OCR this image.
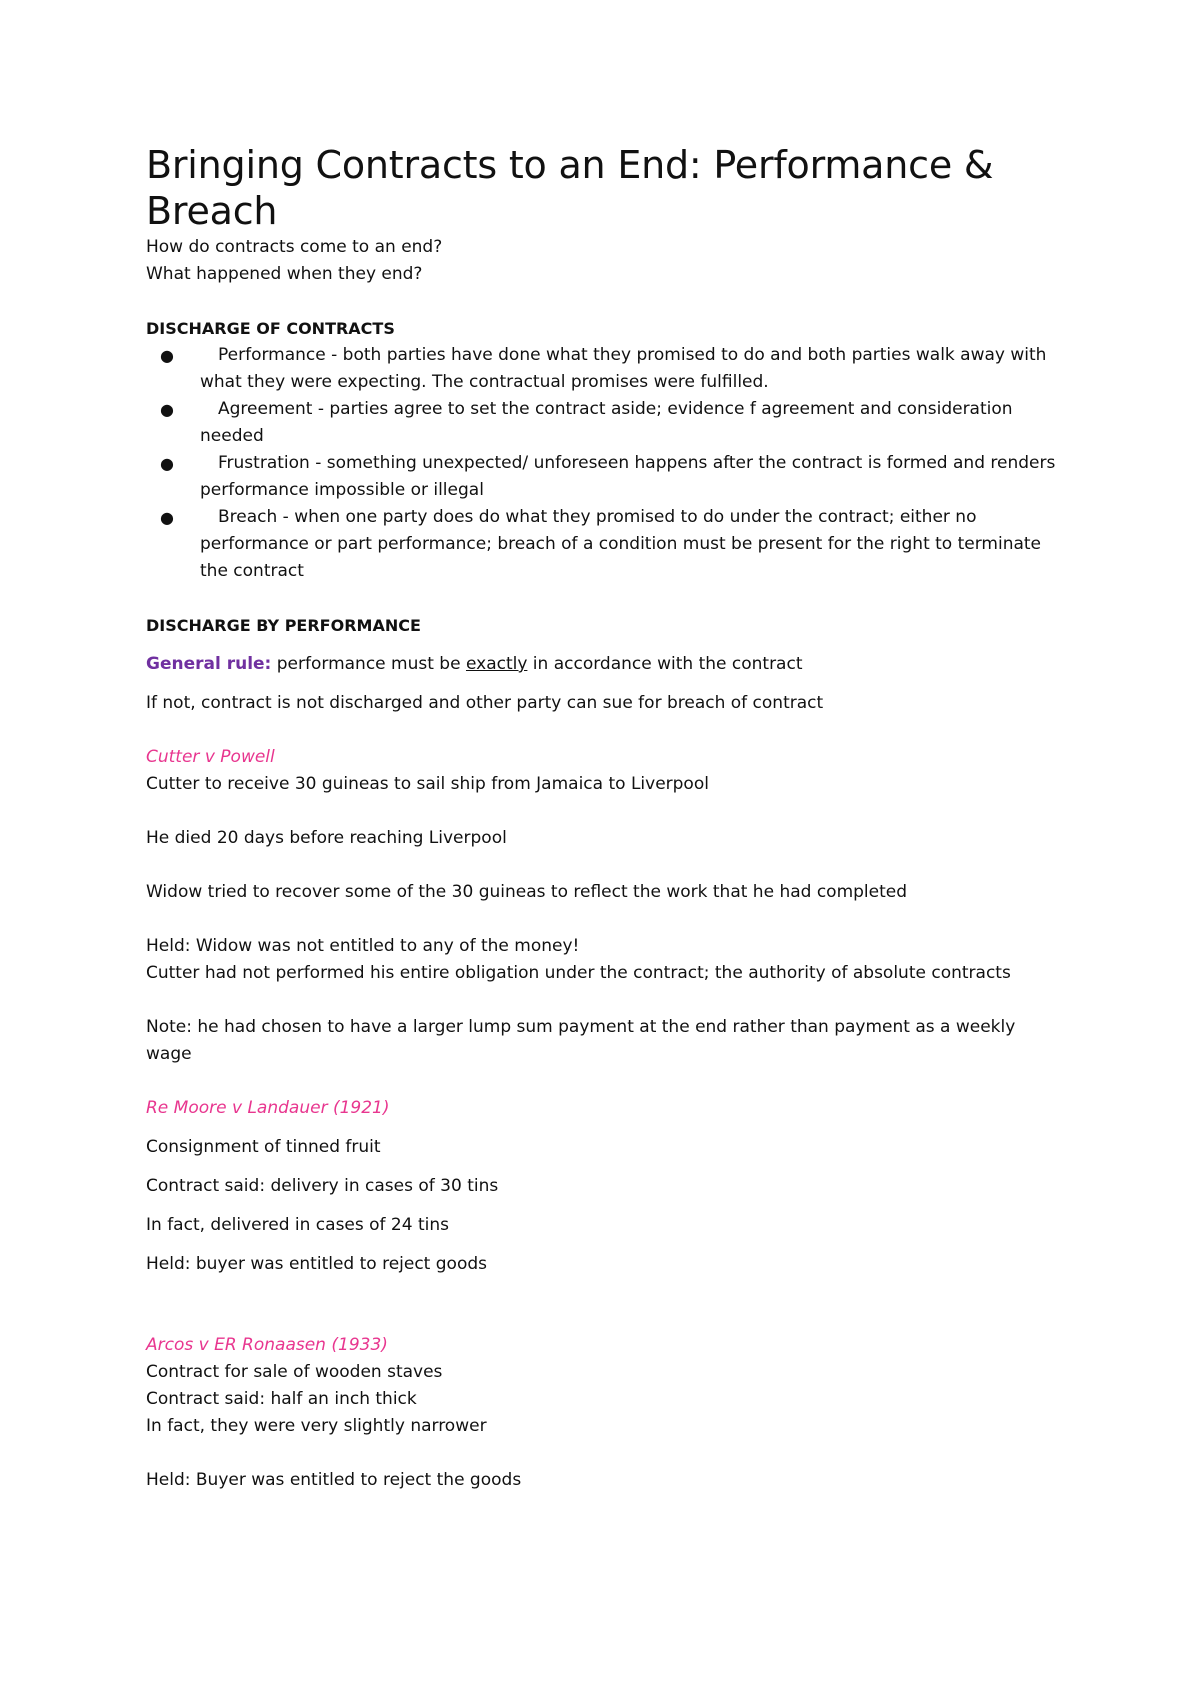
Bringing Contracts to an End: Performance & Breach

How do contracts come to an end?

What happened when they end?

DISCHARGE OF CONTRACTS

●	Performance - both parties have done what they promised to do and both parties walk away with what they were expecting. The contractual promises were fulfilled.
●	Agreement - parties agree to set the contract aside; evidence f agreement and consideration needed
●	Frustration - something unexpected/ unforeseen happens after the contract is formed and renders performance impossible or illegal
●	Breach - when one party does do what they promised to do under the contract; either no performance or part performance; breach of a condition must be present for the right to terminate the contract

DISCHARGE BY PERFORMANCE

General rule: performance must be exactly in accordance with the contract

If not, contract is not discharged and other party can sue for breach of contract

Cutter v Powell

Cutter to receive 30 guineas to sail ship from Jamaica to Liverpool

He died 20 days before reaching Liverpool

Widow tried to recover some of the 30 guineas to reflect the work that he had completed

Held: Widow was not entitled to any of the money!

Cutter had not performed his entire obligation under the contract; the authority of absolute contracts

Note: he had chosen to have a larger lump sum payment at the end rather than payment as a weekly wage

Re Moore v Landauer (1921)

Consignment of tinned fruit

Contract said: delivery in cases of 30 tins

In fact, delivered in cases of 24 tins

Held: buyer was entitled to reject goods

Arcos v ER Ronaasen (1933)

Contract for sale of wooden staves

Contract said: half an inch thick

In fact, they were very slightly narrower

Held: Buyer was entitled to reject the goods
